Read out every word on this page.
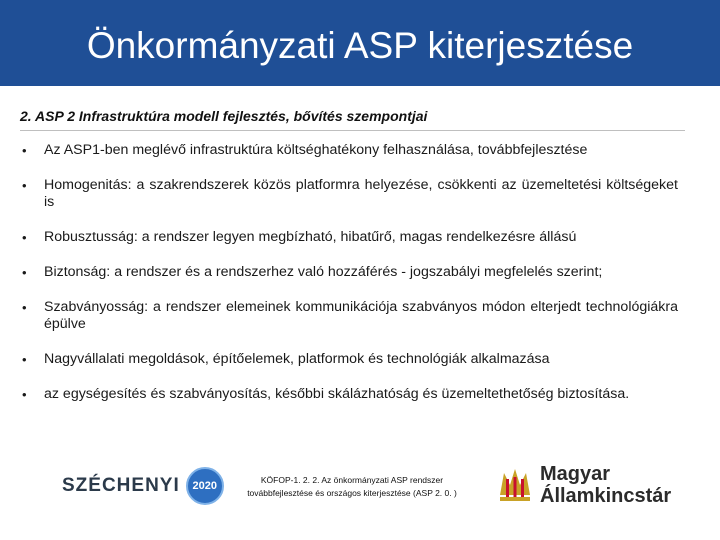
Önkormányzati ASP kiterjesztése
2. ASP 2 Infrastruktúra modell fejlesztés, bővítés szempontjai
• Az ASP1-ben meglévő infrastruktúra költséghatékony felhasználása, továbbfejlesztése
• Homogenitás: a szakrendszerek közös platformra helyezése, csökkenti az üzemeltetési költségeket is
• Robusztusság: a rendszer legyen megbízható, hibatűrő, magas rendelkezésre állású
• Biztonság: a rendszer és a rendszerhez való hozzáférés - jogszabályi megfelelés szerint;
• Szabványosság: a rendszer elemeinek kommunikációja szabványos módon elterjedt technológiákra épülve
• Nagyvállalati megoldások, építőelemek, platformok és technológiák alkalmazása
• az egységesítés és szabványosítás, későbbi skálázhatóság és üzemeltethetőség biztosítása.
SZÉCHENYI	2020	KÖFOP-1. 2. 2. Az önkormányzati ASP rendszer
továbbfejlesztése és országos kiterjesztése (ASP 2. 0. )
Magyar
Államkincstár
